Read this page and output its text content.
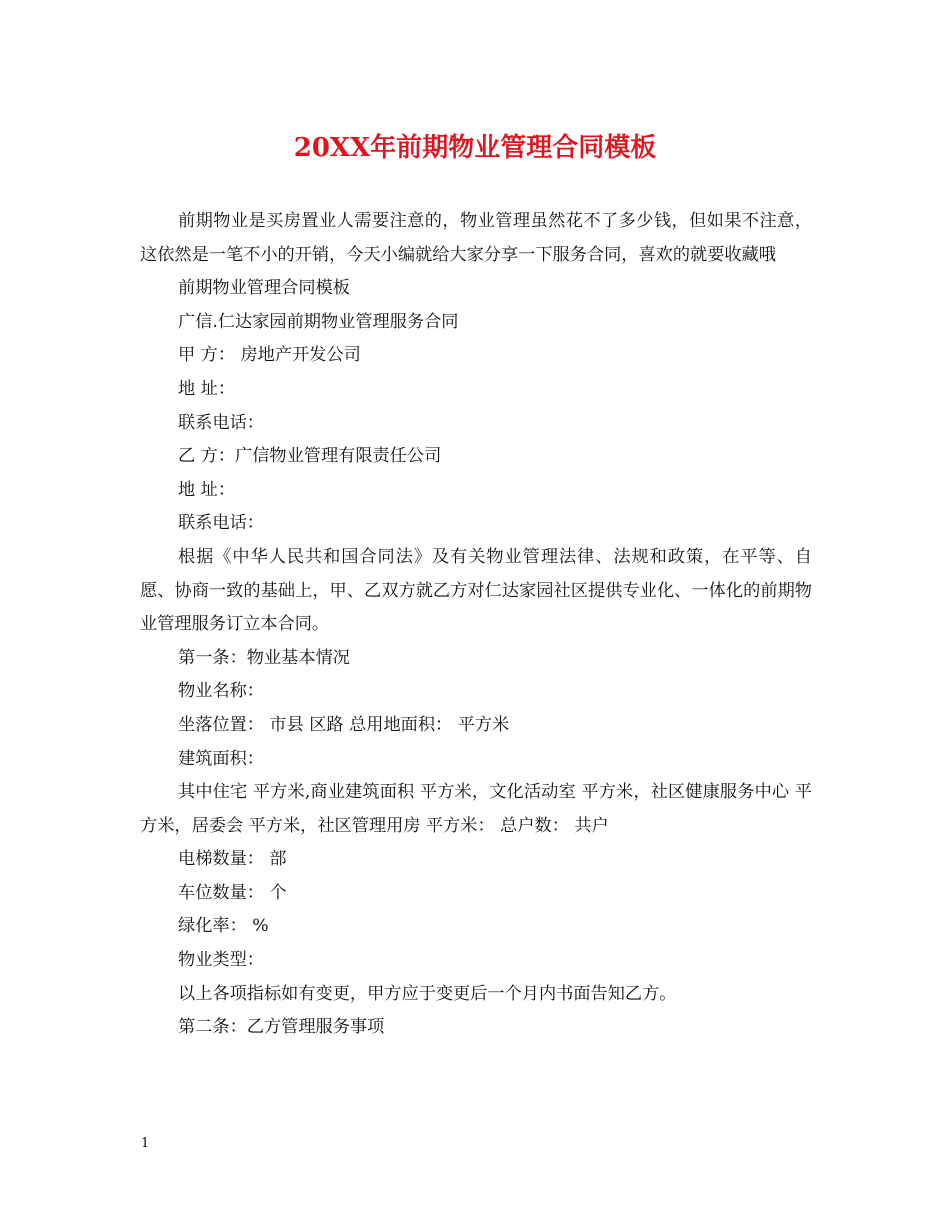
20XX年前期物业管理合同模板

前期物业是买房置业人需要注意的，物业管理虽然花不了多少钱，但如果不注意，这依然是一笔不小的开销，今天小编就给大家分享一下服务合同，喜欢的就要收藏哦

前期物业管理合同模板

广信.仁达家园前期物业管理服务合同

甲 方： 房地产开发公司

地 址：

联系电话：

乙 方：广信物业管理有限责任公司

地 址：

联系电话：

根据《中华人民共和国合同法》及有关物业管理法律、法规和政策，在平等、自愿、协商一致的基础上，甲、乙双方就乙方对仁达家园社区提供专业化、一体化的前期物业管理服务订立本合同。

第一条：物业基本情况

物业名称：

坐落位置： 市县 区路 总用地面积： 平方米

建筑面积：

其中住宅 平方米,商业建筑面积 平方米，文化活动室 平方米，社区健康服务中心 平方米，居委会 平方米，社区管理用房 平方米： 总户数： 共户

电梯数量： 部

车位数量： 个

绿化率： %

物业类型：

以上各项指标如有变更，甲方应于变更后一个月内书面告知乙方。

第二条：乙方管理服务事项

1
